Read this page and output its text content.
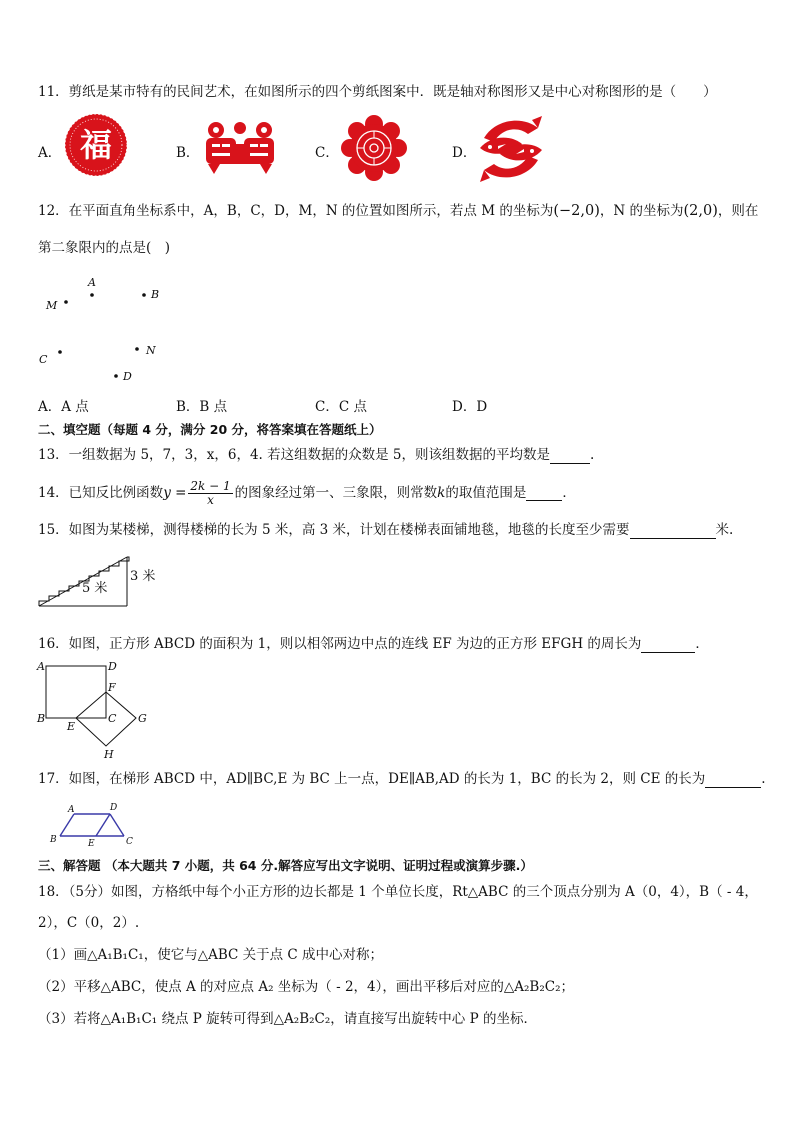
11．剪纸是某市特有的民间艺术，在如图所示的四个剪纸图案中．既是轴对称图形又是中心对称图形的是（　　）
A． 福	B．	C．	D．
12．在平面直角坐标系中，A，B，C，D，M，N 的位置如图所示，若点 M 的坐标为(−2,0)，N 的坐标为(2,0)，则在
第二象限内的点是(　)
A
B
M
C
N
D
A．A 点	B．B 点	C．C 点	D．D
二、填空题（每题 4 分，满分 20 分，将答案填在答题纸上）
13．一组数据为 5，7，3，x，6，4. 若这组数据的众数是 5，则该组数据的平均数是	.
14．已知反比例函数$y = \frac{2k - 1}{x}$ 的图象经过第一、三象限，则常数k的取值范围是	．
15．如图为某楼梯，测得楼梯的长为 5 米，高 3 米，计划在楼梯表面铺地毯，地毯的长度至少需要	米.
5 米
3 米
16．如图，正方形 ABCD 的面积为 1，则以相邻两边中点的连线 EF 为边的正方形 EFGH 的周长为	．
A	D
F
B	C G
E
H
17．如图，在梯形 ABCD 中，AD∥BC,E 为 BC 上一点，DE∥AB,AD 的长为 1，BC 的长为 2，则 CE 的长为	.
A	D
B	E	C
三、解答题 （本大题共 7 小题，共 64 分.解答应写出文字说明、证明过程或演算步骤.）
18．（5分）如图，方格纸中每个小正方形的边长都是 1 个单位长度，Rt△ABC 的三个顶点分别为 A（0，4），B（ - 4，
2），C（0，2）.
（1）画△A₁B₁C₁，使它与△ABC 关于点 C 成中心对称；
（2）平移△ABC，使点 A 的对应点 A₂ 坐标为（ - 2，4），画出平移后对应的△A₂B₂C₂；
（3）若将△A₁B₁C₁ 绕点 P 旋转可得到△A₂B₂C₂，请直接写出旋转中心 P 的坐标．
